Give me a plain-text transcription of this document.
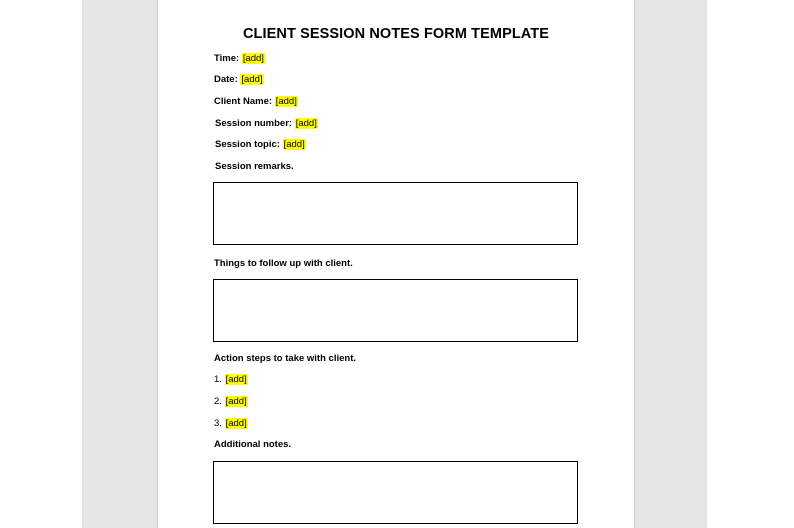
CLIENT SESSION NOTES FORM TEMPLATE
Time: [add]
Date: [add]
Client Name: [add]
Session number: [add]
Session topic: [add]
Session remarks.
Things to follow up with client.
Action steps to take with client.
1. [add]
2. [add]
3. [add]
Additional notes.
